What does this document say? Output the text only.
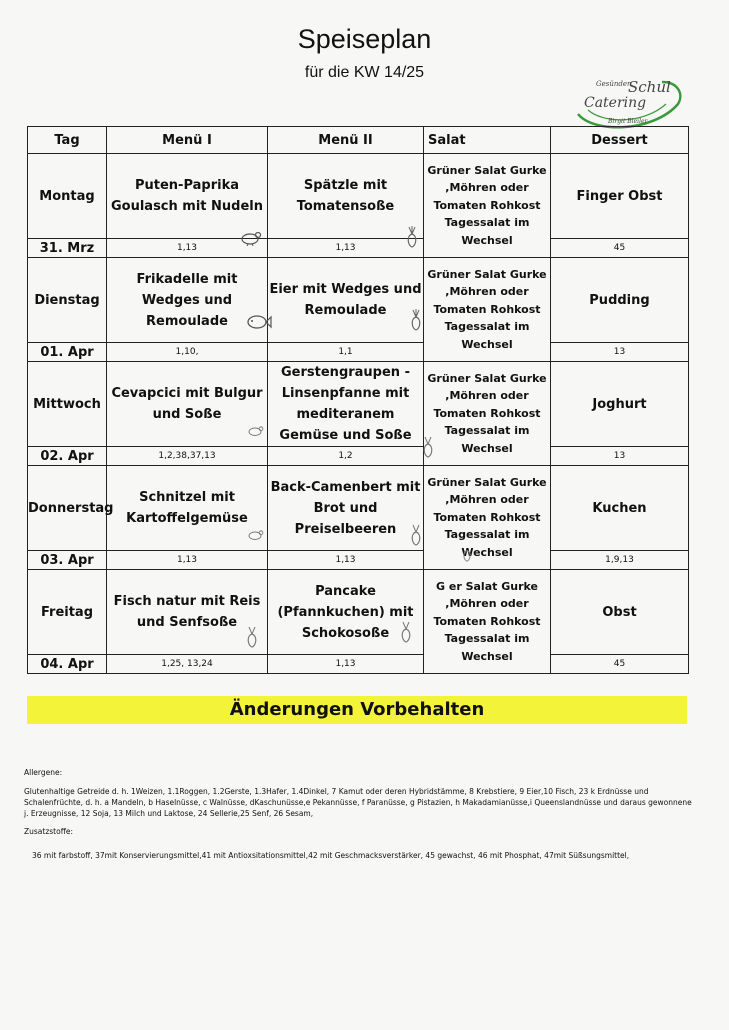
Speiseplan
für die KW 14/25
Gesünder
Schul
Catering
Birgit Bleiler
Tag	Menü I	Menü II	Salat	Dessert
Montag	Puten-Paprika Goulasch mit Nudeln	Spätzle mit Tomatensoße	Grüner Salat Gurke ,Möhren oder Tomaten Rohkost Tagessalat im Wechsel	Finger Obst
31. Mrz	1,13	1,13		45
Dienstag	Frikadelle mit Wedges und Remoulade	Eier mit Wedges und Remoulade	Grüner Salat Gurke ,Möhren oder Tomaten Rohkost Tagessalat im Wechsel	Pudding
01. Apr	1,10,	1,1		13
Mittwoch	Cevapcici mit Bulgur und Soße	Gerstengraupen - Linsenpfanne mit mediteranem Gemüse und Soße	Grüner Salat Gurke ,Möhren oder Tomaten Rohkost Tagessalat im Wechsel	Joghurt
02. Apr	1,2,38,37,13	1,2		13
Donnerstag	Schnitzel mit Kartoffelgemüse	Back-Camenbert mit Brot und Preiselbeeren	Grüner Salat Gurke ,Möhren oder Tomaten Rohkost Tagessalat im Wechsel	Kuchen
03. Apr	1,13	1,13		1,9,13
Freitag	Fisch natur mit Reis und Senfsoße	Pancake (Pfannkuchen) mit Schokosoße	G er Salat Gurke ,Möhren oder Tomaten Rohkost Tagessalat im Wechsel	Obst
04. Apr	1,25, 13,24	1,13		45
Änderungen Vorbehalten
Allergene:
Glutenhaltige Getreide d. h. 1Weizen, 1.1Roggen, 1.2Gerste, 1.3Hafer, 1.4Dinkel, 7 Kamut oder deren Hybridstämme, 8 Krebstiere, 9 Eier,10 Fisch, 23 k Erdnüsse und Schalenfrüchte, d. h. a Mandeln, b Haselnüsse, c Walnüsse, dKaschunüsse,e Pekannüsse, f Paranüsse, g Pistazien, h Makadamianüsse,i Queenslandnüsse und daraus gewonnene j. Erzeugnisse, 12 Soja, 13 Milch und Laktose, 24 Sellerie,25 Senf, 26 Sesam,
Zusatzstoffe:
36 mit farbstoff, 37mit Konservierungsmittel,41 mit Antioxsitationsmittel,42 mit Geschmacksverstärker, 45 gewachst, 46 mit Phosphat, 47mit Süßsungsmittel,
